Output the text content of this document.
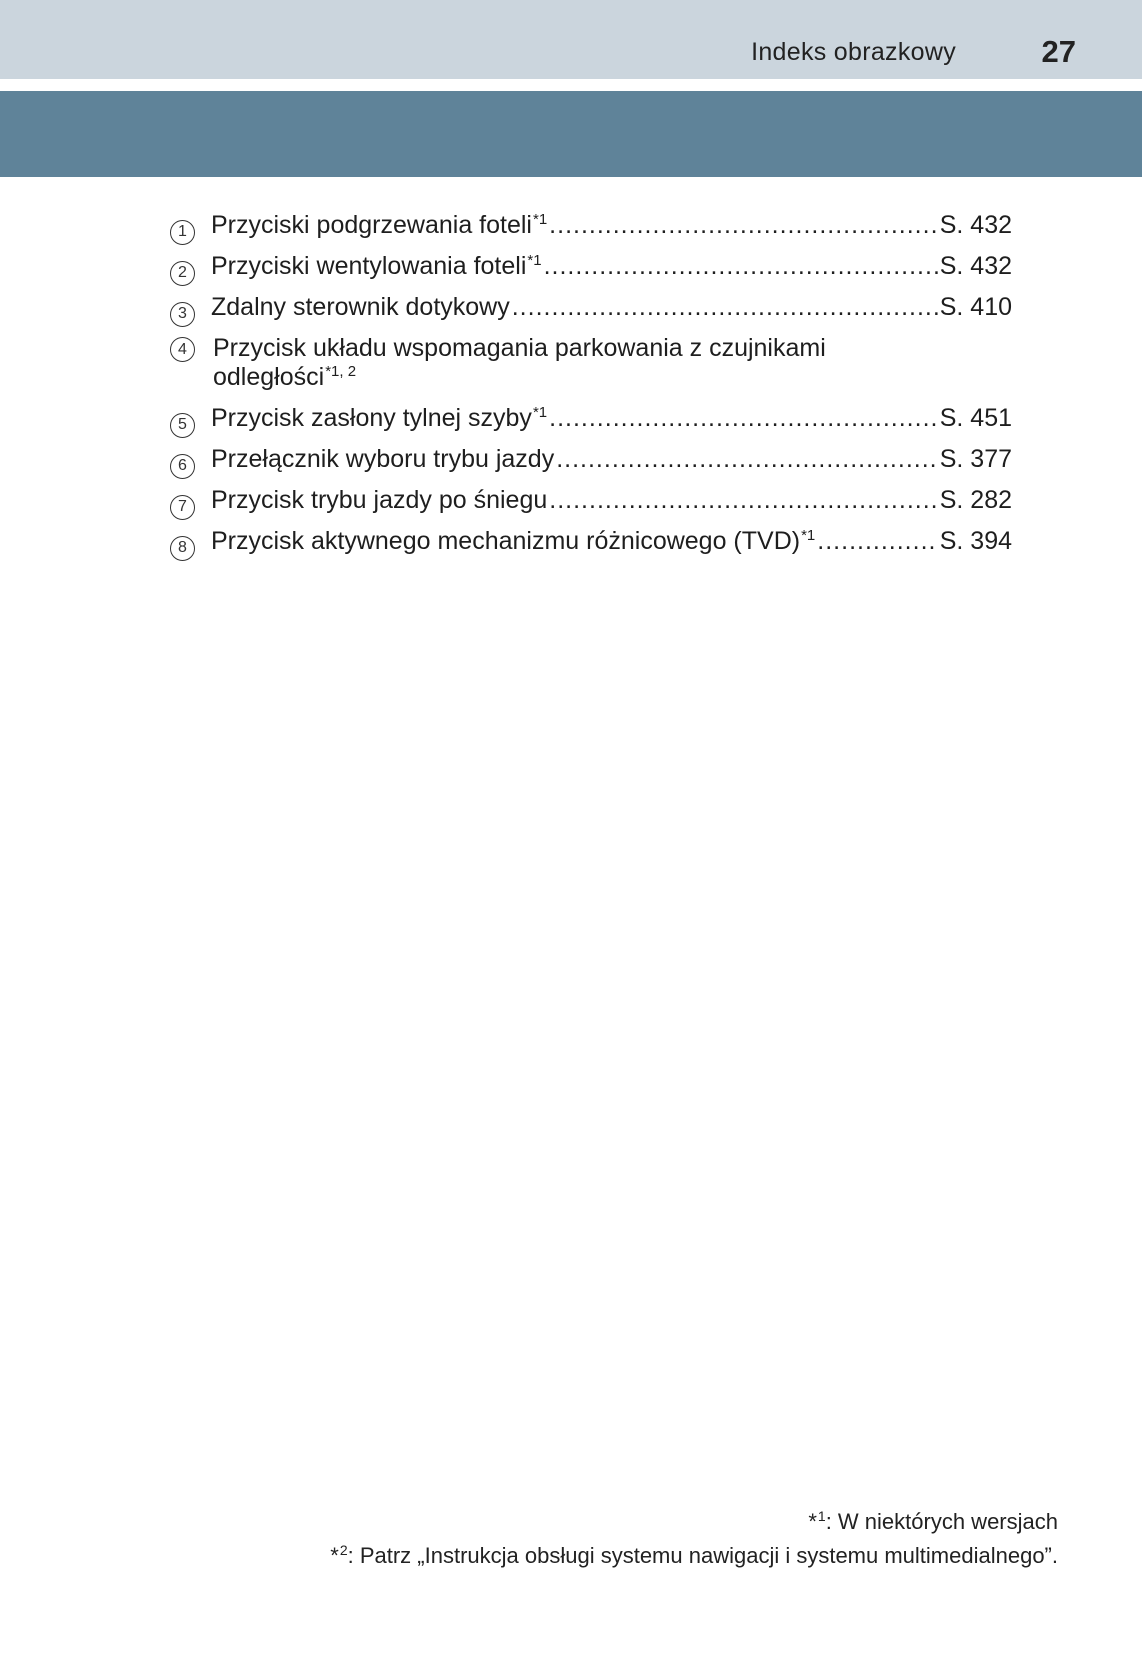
Indeks obrazkowy	27
1 Przyciski podgrzewania foteli$^{*1}$ .....	S. 432
2 Przyciski wentylowania foteli$^{*1}$ .....	S. 432
3 Zdalny sterownik dotykowy .....	S. 410
4	Przycisk układu wspomagania parkowania z czujnikami
odległości$^{*1, 2}$
5 Przycisk zasłony tylnej szyby$^{*1}$ .....	S. 451
6 Przełącznik wyboru trybu jazdy .....	S. 377
7 Przycisk trybu jazdy po śniegu .....	S. 282
8 Przycisk aktywnego mechanizmu różnicowego (TVD)$^{*1}$ .....	S. 394
*$^1$: W niektórych wersjach
*$^2$: Patrz „Instrukcja obsługi systemu nawigacji i systemu multimedialnego”.
